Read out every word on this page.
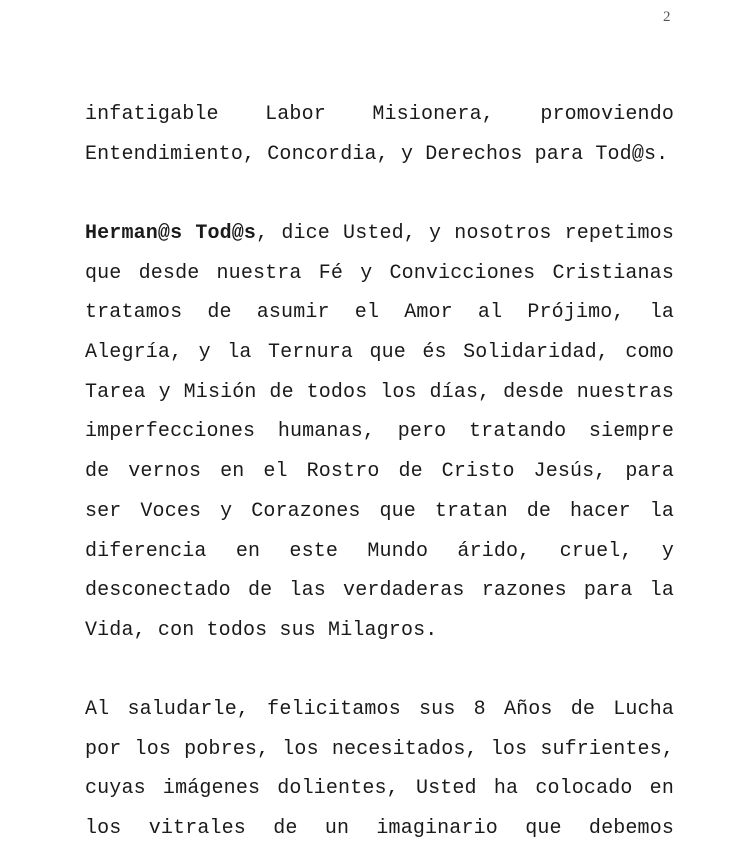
2
infatigable Labor Misionera, promoviendo
Entendimiento, Concordia, y Derechos para Tod@s.
Herman@s Tod@s, dice Usted, y nosotros repetimos
que desde nuestra Fé y Convicciones Cristianas
tratamos de asumir el Amor al Prójimo, la
Alegría, y la Ternura que és Solidaridad, como
Tarea y Misión de todos los días, desde nuestras
imperfecciones humanas, pero tratando siempre
de vernos en el Rostro de Cristo Jesús, para
ser Voces y Corazones que tratan de hacer la
diferencia en este Mundo árido, cruel, y
desconectado de las verdaderas razones para la
Vida, con todos sus Milagros.
Al saludarle, felicitamos sus 8 Años de Lucha
por los pobres, los necesitados, los sufrientes,
cuyas imágenes dolientes, Usted ha colocado en
los vitrales de un imaginario que debemos
